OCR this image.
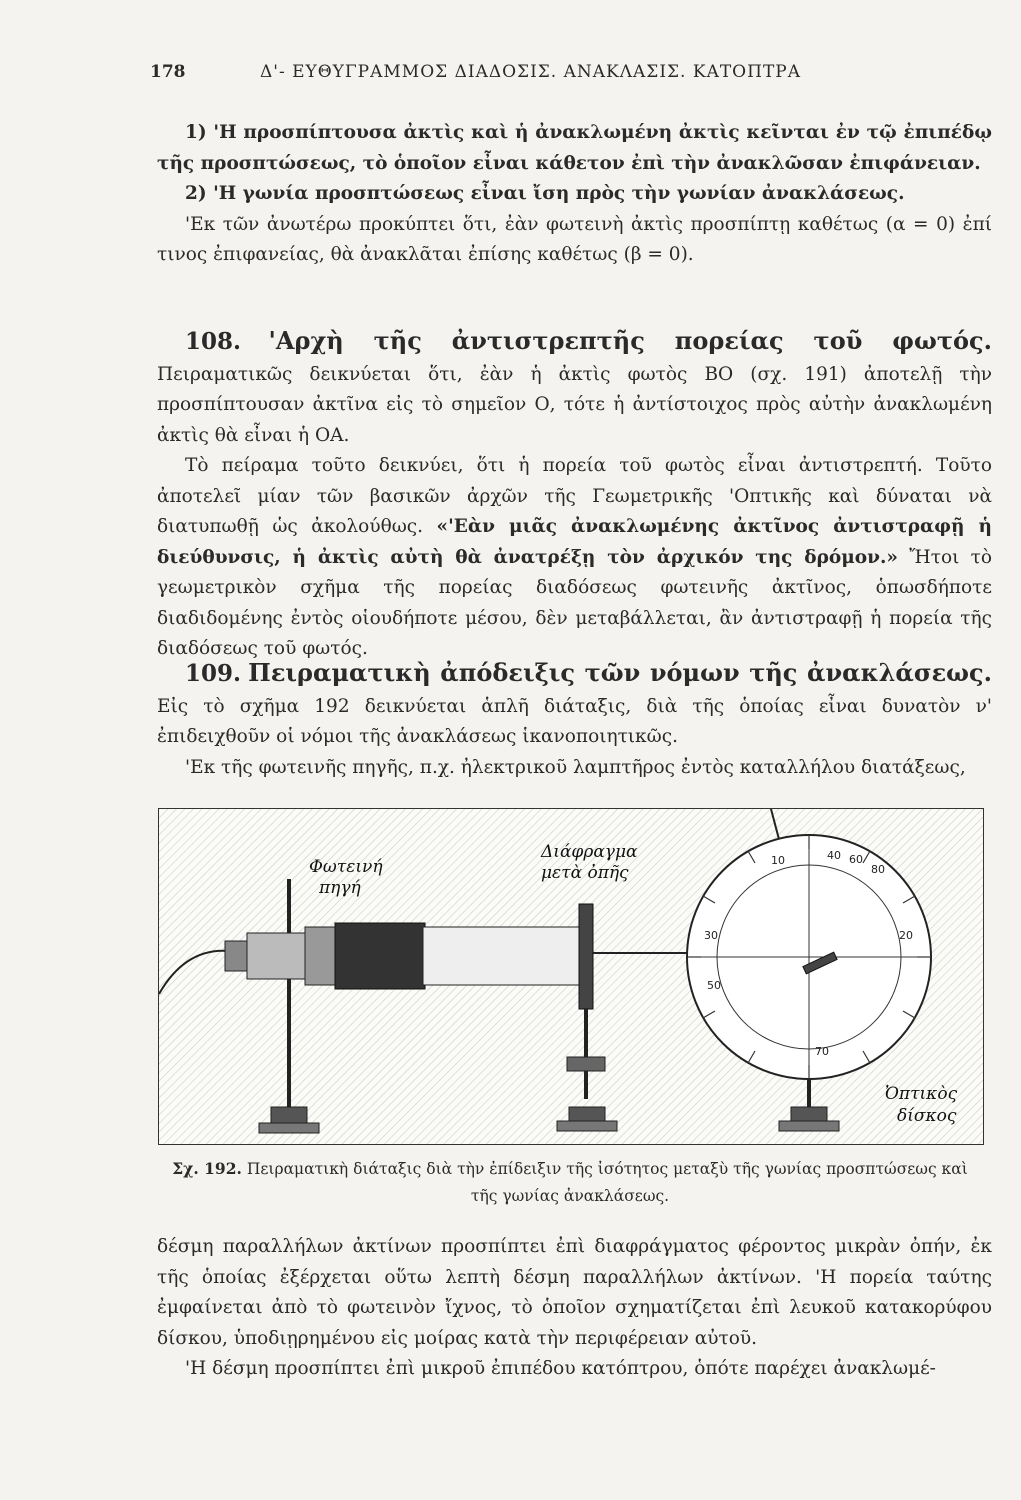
178	Δ'- ΕΥΘΥΓΡΑΜΜΟΣ ΔΙΑΔΟΣΙΣ. ΑΝΑΚΛΑΣΙΣ. ΚΑΤΟΠΤΡΑ

1) 'Η προσπίπτουσα ἀκτὶς καὶ ἡ ἀνακλωμένη ἀκτὶς κεῖνται ἐν τῷ ἐπιπέδῳ τῆς προσπτώσεως, τὸ ὁποῖον εἶναι κάθετον ἐπὶ τὴν ἀνακλῶσαν ἐπιφάνειαν.

2) 'Η γωνία προσπτώσεως εἶναι ἴση πρὸς τὴν γωνίαν ἀνακλάσεως.

'Εκ τῶν ἀνωτέρω προκύπτει ὅτι, ἐὰν φωτεινὴ ἀκτὶς προσπίπτῃ καθέτως (α = 0) ἐπί τινος ἐπιφανείας, θὰ ἀνακλᾶται ἐπίσης καθέτως (β = 0).

108. 'Αρχὴ τῆς ἀντιστρεπτῆς πορείας τοῦ φωτός. Πειραματικῶς δεικνύεται ὅτι, ἐὰν ἡ ἀκτὶς φωτὸς ΒΟ (σχ. 191) ἀποτελῇ τὴν προσπίπτουσαν ἀκτῖνα εἰς τὸ σημεῖον Ο, τότε ἡ ἀντίστοιχος πρὸς αὐτὴν ἀνακλωμένη ἀκτὶς θὰ εἶναι ἡ ΟΑ.

Τὸ πείραμα τοῦτο δεικνύει, ὅτι ἡ πορεία τοῦ φωτὸς εἶναι ἀντιστρεπτή. Τοῦτο ἀποτελεῖ μίαν τῶν βασικῶν ἀρχῶν τῆς Γεωμετρικῆς 'Οπτικῆς καὶ δύναται νὰ διατυπωθῇ ὡς ἀκολούθως. «'Εὰν μιᾶς ἀνακλωμένης ἀκτῖνος ἀντιστραφῇ ἡ διεύθυνσις, ἡ ἀκτὶς αὐτὴ θὰ ἀνατρέξῃ τὸν ἀρχικόν της δρόμον.» Ἤτοι τὸ γεωμετρικὸν σχῆμα τῆς πορείας διαδόσεως φωτεινῆς ἀκτῖνος, ὁπωσδήποτε διαδιδομένης ἐντὸς οἱουδήποτε μέσου, δὲν μεταβάλλεται, ἂν ἀντιστραφῇ ἡ πορεία τῆς διαδόσεως τοῦ φωτός.

109. Πειραματικὴ ἀπόδειξις τῶν νόμων τῆς ἀνακλάσεως. Εἰς τὸ σχῆμα 192 δεικνύεται ἁπλῆ διάταξις, διὰ τῆς ὁποίας εἶναι δυνατὸν ν' ἐπιδειχθοῦν οἱ νόμοι τῆς ἀνακλάσεως ἱκανοποιητικῶς.

'Εκ τῆς φωτεινῆς πηγῆς, π.χ. ἠλεκτρικοῦ λαμπτῆρος ἐντὸς καταλλήλου διατάξεως,

10	40 60
80
20
30
50
70
Φωτεινή
πηγή
Διάφραγμα
μετὰ ὀπῆς
Ὀπτικὸς
δίσκος
Σχ. 192. Πειραματικὴ διάταξις διὰ τὴν ἐπίδειξιν τῆς ἰσότητος μεταξὺ τῆς γωνίας προσπτώσεως καὶ τῆς γωνίας ἀνακλάσεως.

δέσμη παραλλήλων ἀκτίνων προσπίπτει ἐπὶ διαφράγματος φέροντος μικρὰν ὀπήν, ἐκ τῆς ὁποίας ἐξέρχεται οὕτω λεπτὴ δέσμη παραλλήλων ἀκτίνων. 'Η πορεία ταύτης ἐμφαίνεται ἀπὸ τὸ φωτεινὸν ἴχνος, τὸ ὁποῖον σχηματίζεται ἐπὶ λευκοῦ κατακορύφου δίσκου, ὑποδιῃρημένου εἰς μοίρας κατὰ τὴν περιφέρειαν αὐτοῦ.

'Η δέσμη προσπίπτει ἐπὶ μικροῦ ἐπιπέδου κατόπτρου, ὁπότε παρέχει ἀνακλωμέ-
